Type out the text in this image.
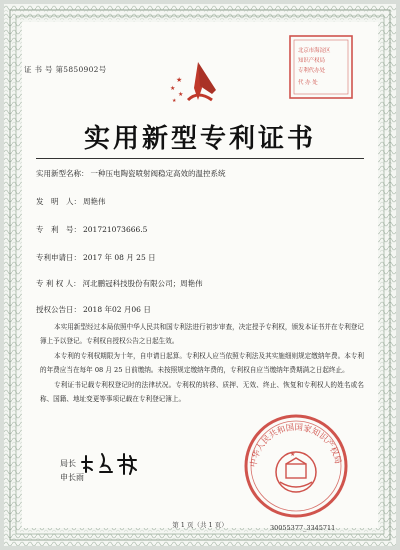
证 书 号 第5850902号
★
★
★
★
北京市海淀区
知识产权局
专利代办处
代 办 处
实用新型专利证书
实用新型名称： 一种压电陶瓷喷射阀稳定高效的温控系统
发　明　人： 周艳伟
专　利　号： 201721073666.5
专利申请日： 2017 年 08 月 25 日
专 利 权 人： 河北鹏冠科技股份有限公司；周艳伟
授权公告日： 2018 年02 月06 日

本实用新型经过本局依照中华人民共和国专利法进行初步审查，决定授予专利权，颁发本证书并在专利登记簿上予以登记。专利权自授权公告之日起生效。

本专利的专利权期限为十年，自申请日起算。专利权人应当依照专利法及其实施细则规定缴纳年费。本专利的年费应当在每年 08 月 25 日前缴纳。未按照规定缴纳年费的，专利权自应当缴纳年费期满之日起终止。

专利证书记载专利权登记时的法律状况。专利权的转移、质押、无效、终止、恢复和专利权人的姓名或名称、国籍、地址变更等事项记载在专利登记簿上。

局长
申长雨
中华人民共和国国家知识产权局
★
第 1 页（共 1 页）	30055377_3345711
